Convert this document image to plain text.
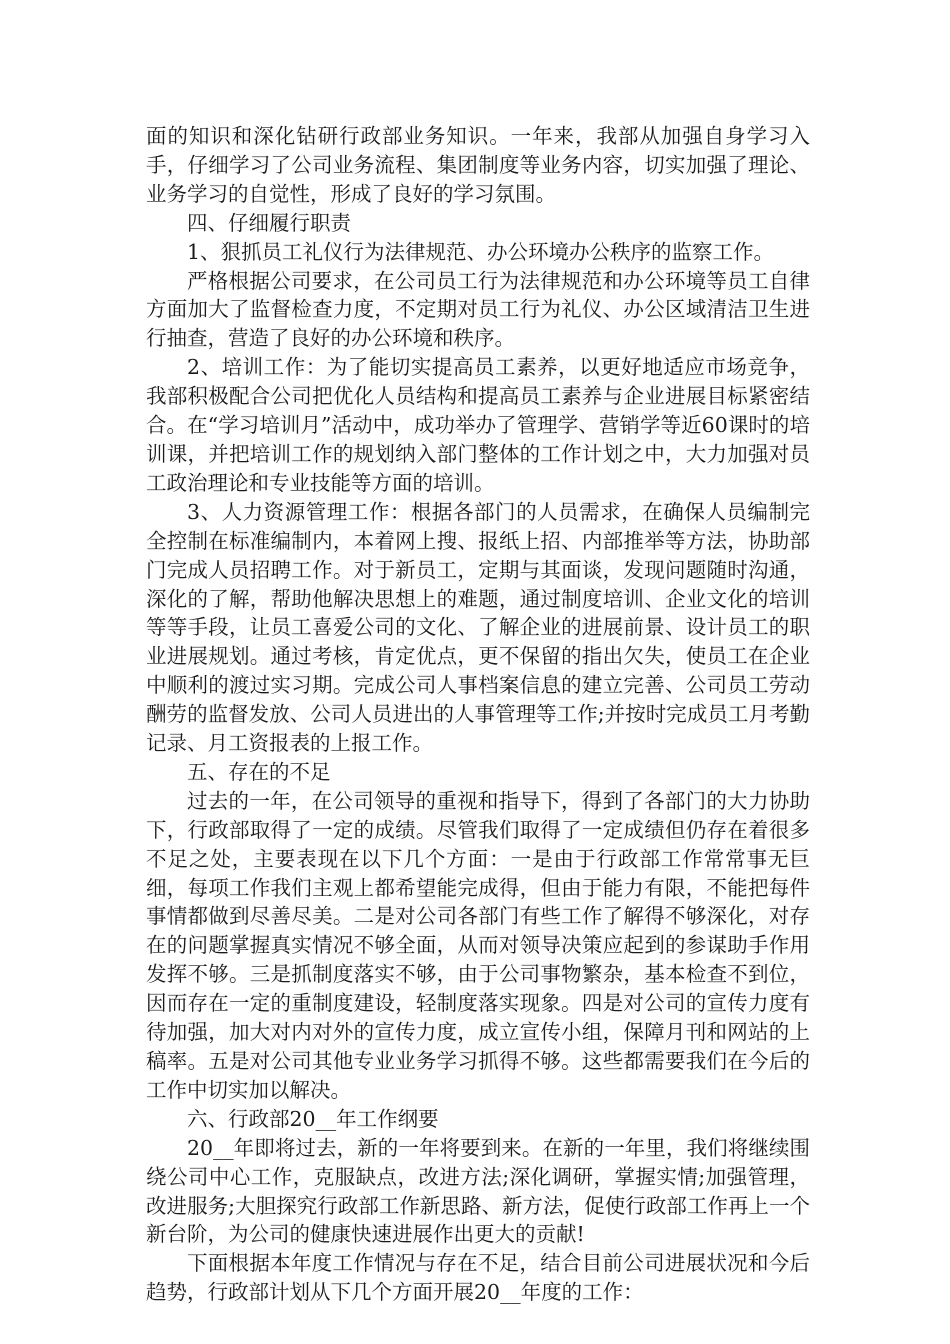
面的知识和深化钻研行政部业务知识。一年来，我部从加强自身学习入手，仔细学习了公司业务流程、集团制度等业务内容，切实加强了理论、业务学习的自觉性，形成了良好的学习氛围。

四、仔细履行职责

1、狠抓员工礼仪行为法律规范、办公环境办公秩序的监察工作。

严格根据公司要求，在公司员工行为法律规范和办公环境等员工自律方面加大了监督检查力度，不定期对员工行为礼仪、办公区域清洁卫生进行抽查，营造了良好的办公环境和秩序。

2、培训工作：为了能切实提高员工素养，以更好地适应市场竞争，我部积极配合公司把优化人员结构和提高员工素养与企业进展目标紧密结合。在“学习培训月”活动中，成功举办了管理学、营销学等近60课时的培训课，并把培训工作的规划纳入部门整体的工作计划之中，大力加强对员工政治理论和专业技能等方面的培训。

3、人力资源管理工作：根据各部门的人员需求，在确保人员编制完全控制在标准编制内，本着网上搜、报纸上招、内部推举等方法，协助部门完成人员招聘工作。对于新员工，定期与其面谈，发现问题随时沟通，深化的了解，帮助他解决思想上的难题，通过制度培训、企业文化的培训等等手段，让员工喜爱公司的文化、了解企业的进展前景、设计员工的职业进展规划。通过考核，肯定优点，更不保留的指出欠失，使员工在企业中顺利的渡过实习期。完成公司人事档案信息的建立完善、公司员工劳动酬劳的监督发放、公司人员进出的人事管理等工作;并按时完成员工月考勤记录、月工资报表的上报工作。

五、存在的不足

过去的一年，在公司领导的重视和指导下，得到了各部门的大力协助下，行政部取得了一定的成绩。尽管我们取得了一定成绩但仍存在着很多不足之处，主要表现在以下几个方面：一是由于行政部工作常常事无巨细，每项工作我们主观上都希望能完成得，但由于能力有限，不能把每件事情都做到尽善尽美。二是对公司各部门有些工作了解得不够深化，对存在的问题掌握真实情况不够全面，从而对领导决策应起到的参谋助手作用发挥不够。三是抓制度落实不够，由于公司事物繁杂，基本检查不到位，因而存在一定的重制度建设，轻制度落实现象。四是对公司的宣传力度有待加强，加大对内对外的宣传力度，成立宣传小组，保障月刊和网站的上稿率。五是对公司其他专业业务学习抓得不够。这些都需要我们在今后的工作中切实加以解决。

六、行政部20__年工作纲要

20__年即将过去，新的一年将要到来。在新的一年里，我们将继续围绕公司中心工作，克服缺点，改进方法;深化调研，掌握实情;加强管理，改进服务;大胆探究行政部工作新思路、新方法，促使行政部工作再上一个新台阶，为公司的健康快速进展作出更大的贡献!

下面根据本年度工作情况与存在不足，结合目前公司进展状况和今后趋势，行政部计划从下几个方面开展20__年度的工作：
